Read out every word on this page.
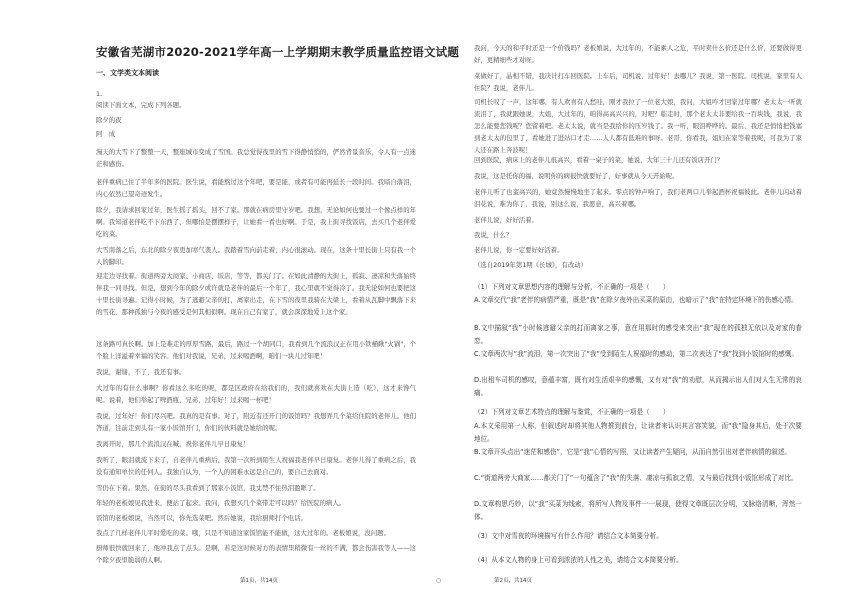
安徽省芜湖市2020-2021学年高一上学期期末教学质量监控语文试题
一、文学类文本阅读
1.
阅读下面文本，完成下列各题。
除夕的夜
阿　成
漫天的大雪下了整整一天，整座城市变成了雪国。我总觉得夜里的雪下得静悄悄的，俨然背景音乐，令人有一点迷茫和感伤。
老伴重病已住了半年多的医院。医生说，看能熬过这个年吧，要是能，或者有可能再延长一段时间。我暗自落泪，内心依然已望奇迹发生。
除夕，我请求回家过年，医生摇了摇头，回不了家。那就在病房里守岁吧。我想，无论如何也要过一个像点样的年啊。我知道老伴吃不下东西了，但哪怕是摆摆样子，让她看一看也好啊。于是，我上街寻找饭店，去买几个老伴爱吃的菜。
大雪南落之后，东北的除夕夜更加寒气袭人。我踏着雪向前走着，内心很滚动。现在，这条十里长街上只有我一个人的脚印。
迎走边寻找着。街道两旁大商家、小商店、饭店，等等，都关门了。在如此清静的大街上，孤寂、凄凉和失落始终伴我一同寻找。但是，想到今年的除夕或许就是老伴的最后一个年了，我心里就不觉得冷了。我无论如何也要把这十里长街寻遍。记得小时候，为了逃避父亲的打，离家出走，在下雪的夜里我骑在大梁上，看着从瓦脚中飘落下来的雪花，那种孤独与今夜的感受是何其相似啊。现在自己有家了，就会深深地爱上这个家。
这条路可真长啊。加上是难走的厚厚雪路，最后，路过一个胡同口，我看到几个流浪汉正在用小铁桶瞅"火锅"，个个脸上洋溢着幸福的笑容。他们对我说，兄弟，过来喝酒啊，咱们一块儿过年吧！
我说，谢谢，不了，我还有事。
大过年的有什么事啊？你看这么多吃的呢，都是区政府在给我们的，我们就喜欢在大街上造（吃），这才来馋气呢。说着，他们举起了啤酒瓶，兄弟，过年好！过来喝一杯吧！
我说，过年好！你们尽兴吧。我真的是有事。对了，附近有还开门的饭馆吗？我想弄几个菜给住院的老伴儿。他们答道，往前走到头有一家小饭馆开门，你们的伙料就是她给的呢。
我离开时，那几个流浪汉在喊，祝你老伴儿早日康复！
我听了，眼泪就流下来了，自老伴儿重病后，我第一次听到陌生人祝福我老伴早日康复。老伴儿得了重病之后，我没有通知单位的任何人。我独自认为，一个人的困难永远是自己的，要自己去面对。
雪仍在下着。果然，在街的尽头我看到了那家小饭馆，我丈禁不住热泪盈眶了。
年轻的老板娘见我进来，便站了起来。我问，我想买几个菜带走可以吗？给医院的病人。
饭馆的老板娘说，当然可以，你先选菜吧。然后她说，我给厨师打个电话。
我点了几样老伴儿平时爱吃的菜。哦，只是不知道这家饭馆能不能做，这大过年的。老板娘说，没问题。
厨师很快就回来了，他冲我点了点头。是啊，若是这时候对方的表情里稍微有一丝的不满，都会伤害我等人——这个除夕夜里脆弱的人啊。
第1页，共14页	○
我问，今天的和平时还是一个价钱吗？老板娘说，大过年的，不能乘人之危，平时卖什么价还是什么价，还要做得更好，更精细些才对呀。
菜做好了，晶相不错，我决计打车回医院。上车后，司机说，过年好！去哪儿？我说，第一医院。司机说，家里有人住院？我说，老伴儿。
司机长叹了一声，这年哪，有人欢喜有人愁哇，刚才我拉了一位老大娘，我问，大姐咋才回家过年哪？老太太一听就流泪了，我就跟她说，大姐，大过年的，咱得高高兴兴的，对吧？临走时，那个老太太非要给我一百块钱，我说，我怎么能要您钱呢？您留着吧。老太太说，就当是我给你的压岁钱了。我一听，眼泪哗哗的。最后，我还是悄悄把钱塞到老太太的包里了，看她进了进站口才走……人人都有低难的事呀。老哥，你看我，姐妇在家等着我呢，可我为了家人还在路上奔波呢！
回到医院，病床上的老伴儿很高兴，看着一桌子的菜，她说，大年三十儿还有饭店开门？
我说，这是托你的福，说明你的病很快就要好了，好事就从今天开始呢。
老伴儿听了也蛮高兴的，她竟然慢慢地坐了起来。零点的钟声响了，我们老两口儿举起酒杯祝福彼此。老伴儿闪动着泪花说，难为你了，我说，别这么说，我愿意，高兴着哪。
老伴儿说，好好活着。
我说，什么？
老伴儿说，你一定要好好活着。
（选自2019年第1期《长城》，有改动）
（1）下列对文章思想内容的理解与分析，不正确的一项是（　　）
A.文章交代“我”老伴的病情严重，既是“我”在除夕夜外出买菜的原由，也暗示了“我”在特定环境下的伤感心情。
B.文中描叙“我”小时候逃避父亲的打而离家之事，意在用那时的感受来突出“我”现在的孤独无依以及对家的眷恋。
C.文章两次写“我”流泪，第一次突出了“我”受到陌生人祝福时的感动，第二次表达了“我”找到小饭馆时的感慨。
D.出租车司机的感叹，意蕴丰富，既有对生活艰辛的感慨，又有对“我”的劝慰，从而揭示出人们对人生无常的哀痛。
（2）下列对文章艺术特点的理解与鉴赏，不正确的一项是（　　）
A.本文采用第一人称，但叙述时却将其他人物推到前台，让读者来认识其言容笑貌，而“我”隐身其后，处于次要地位。
B.文章开头点出“迷茫和感伤”，它是“我”心情的写照，又让读者产生疑问，从而自然引出对老伴病情的叙述。
C.“街道两旁大商家……都关门了”一句蕴含了“我”的失落、凄凉与孤寂之情，又与最后找到小饭馆形成了对比。
D.文章构思巧妙，以“我”买菜为线索，将所写人物及事件一一展现，使得文章既层次分明，又脉络清晰，浑然一体。
（3）文中对雪夜的环境描写有什么作用？请结合文本简要分析。
（4）从本文人物的身上可看到浓浓的人性之美，请结合文本简要分析。
第2页，共14页
